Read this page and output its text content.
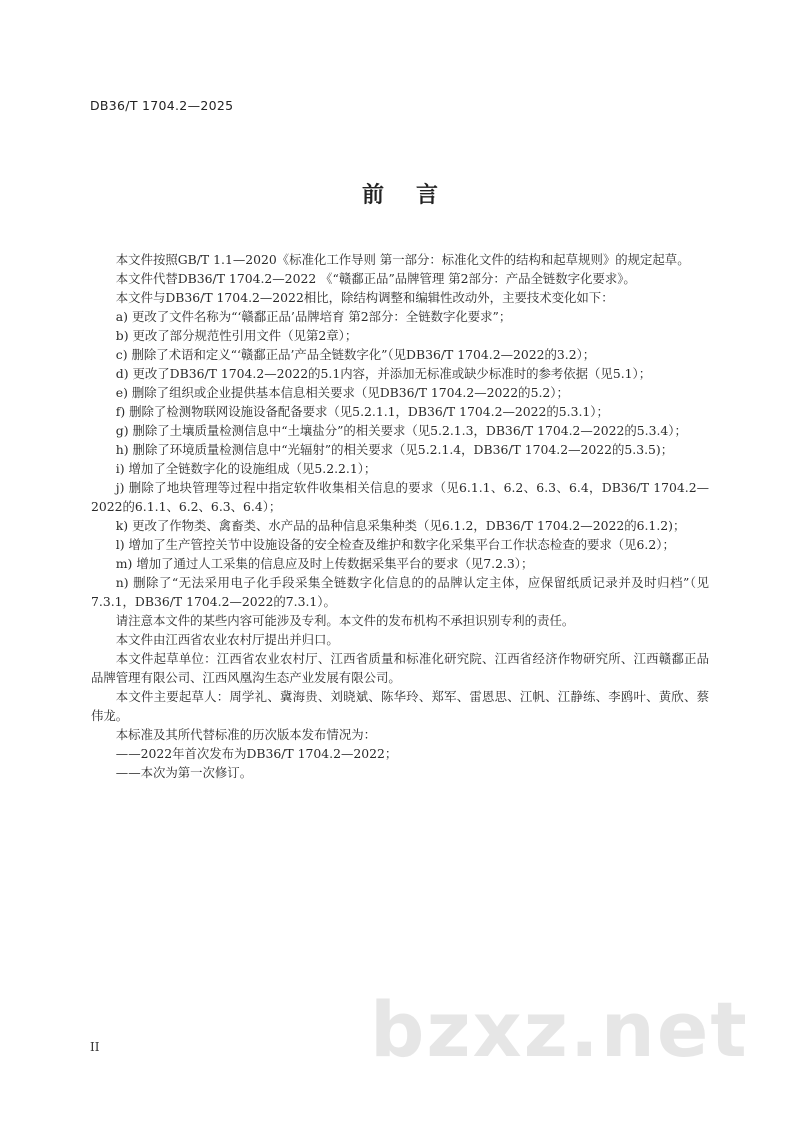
DB36/T 1704.2—2025
前言

本文件按照GB/T 1.1—2020《标准化工作导则 第一部分：标准化文件的结构和起草规则》的规定起草。

本文件代替DB36/T 1704.2—2022 《“赣鄱正品”品牌管理 第2部分：产品全链数字化要求》。

本文件与DB36/T 1704.2—2022相比，除结构调整和编辑性改动外，主要技术变化如下：

a) 更改了文件名称为“‘赣鄱正品’品牌培育 第2部分：全链数字化要求”；

b) 更改了部分规范性引用文件（见第2章）；

c) 删除了术语和定义“‘赣鄱正品’产品全链数字化”（见DB36/T 1704.2—2022的3.2）；

d) 更改了DB36/T 1704.2—2022的5.1内容，并添加无标准或缺少标准时的参考依据（见5.1）；

e) 删除了组织或企业提供基本信息相关要求（见DB36/T 1704.2—2022的5.2）；

f) 删除了检测物联网设施设备配备要求（见5.2.1.1，DB36/T 1704.2—2022的5.3.1）；

g) 删除了土壤质量检测信息中“土壤盐分”的相关要求（见5.2.1.3，DB36/T 1704.2—2022的5.3.4）；

h) 删除了环境质量检测信息中“光辐射”的相关要求（见5.2.1.4，DB36/T 1704.2—2022的5.3.5)；

i) 增加了全链数字化的设施组成（见5.2.2.1）；

j) 删除了地块管理等过程中指定软件收集相关信息的要求（见6.1.1、6.2、6.3、6.4，DB36/T 1704.2—2022的6.1.1、6.2、6.3、6.4）；

k) 更改了作物类、禽畜类、水产品的品种信息采集种类（见6.1.2，DB36/T 1704.2—2022的6.1.2)；

l) 增加了生产管控关节中设施设备的安全检查及维护和数字化采集平台工作状态检查的要求（见6.2）；

m) 增加了通过人工采集的信息应及时上传数据采集平台的要求（见7.2.3）；

n) 删除了“无法采用电子化手段采集全链数字化信息的的品牌认定主体，应保留纸质记录并及时归档”（见7.3.1，DB36/T 1704.2—2022的7.3.1）。

请注意本文件的某些内容可能涉及专利。本文件的发布机构不承担识别专利的责任。

本文件由江西省农业农村厅提出并归口。

本文件起草单位：江西省农业农村厅、江西省质量和标准化研究院、江西省经济作物研究所、江西赣鄱正品品牌管理有限公司、江西风凰沟生态产业发展有限公司。

本文件主要起草人：周学礼、冀海贵、刘晓斌、陈华玲、郑军、雷恩思、江帆、江静练、李鸥叶、黄欣、蔡伟龙。

本标准及其所代替标准的历次版本发布情况为：

——2022年首次发布为DB36/T 1704.2—2022；

——本次为第一次修订。

bzxz.net
II
